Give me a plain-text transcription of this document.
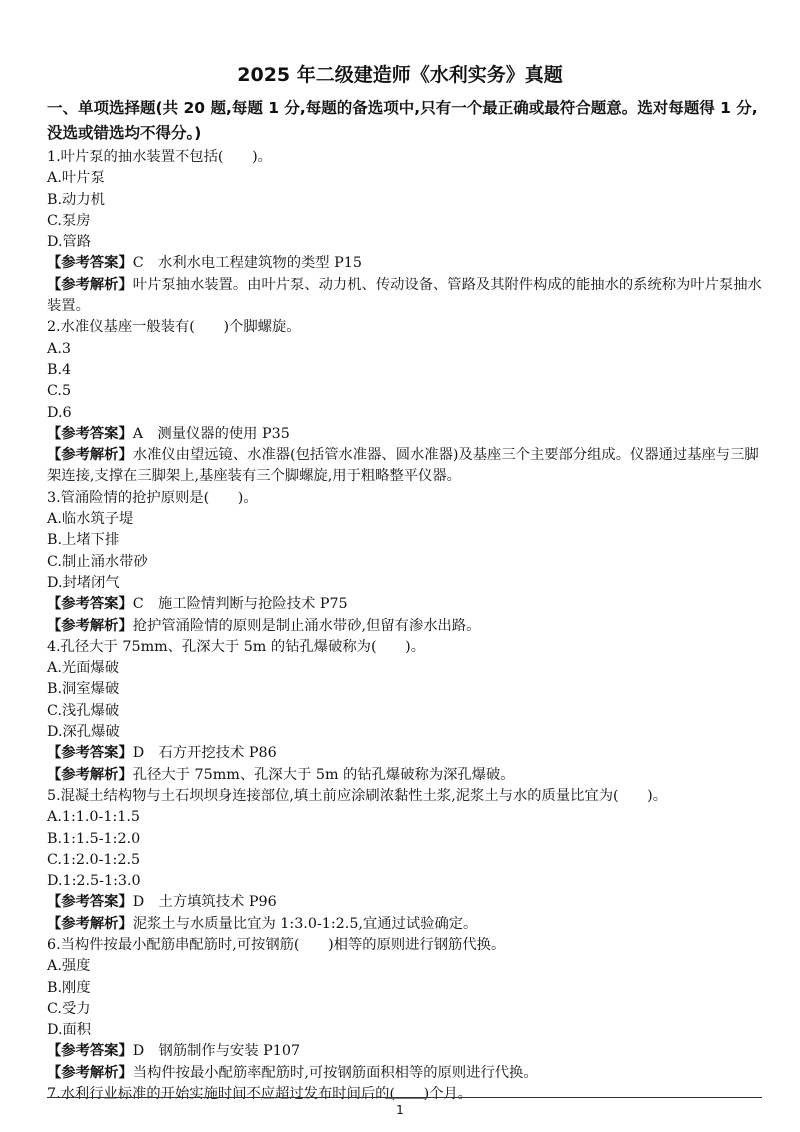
2025 年二级建造师《水利实务》真题
一、单项选择题(共 20 题,每题 1 分,每题的备选项中,只有一个最正确或最符合题意。选对每题得 1 分,没选或错选均不得分。)
1.叶片泵的抽水装置不包括(　　)。
A.叶片泵
B.动力机
C.泵房
D.管路
【参考答案】C　水利水电工程建筑物的类型 P15
【参考解析】叶片泵抽水装置。由叶片泵、动力机、传动设备、管路及其附件构成的能抽水的系统称为叶片泵抽水装置。
2.水准仪基座一般装有(　　)个脚螺旋。
A.3
B.4
C.5
D.6
【参考答案】A　测量仪器的使用 P35
【参考解析】水准仪由望远镜、水准器(包括管水准器、圆水准器)及基座三个主要部分组成。仪器通过基座与三脚架连接,支撑在三脚架上,基座装有三个脚螺旋,用于粗略整平仪器。
3.管涌险情的抢护原则是(　　)。
A.临水筑子堤
B.上堵下排
C.制止涌水带砂
D.封堵闭气
【参考答案】C　施工险情判断与抢险技术 P75
【参考解析】抢护管涌险情的原则是制止涌水带砂,但留有渗水出路。
4.孔径大于 75mm、孔深大于 5m 的钻孔爆破称为(　　)。
A.光面爆破
B.洞室爆破
C.浅孔爆破
D.深孔爆破
【参考答案】D　石方开挖技术 P86
【参考解析】孔径大于 75mm、孔深大于 5m 的钻孔爆破称为深孔爆破。
5.混凝土结构物与土石坝坝身连接部位,填土前应涂刷浓黏性土浆,泥浆土与水的质量比宜为(　　)。
A.1:1.0-1:1.5
B.1:1.5-1:2.0
C.1:2.0-1:2.5
D.1:2.5-1:3.0
【参考答案】D　土方填筑技术 P96
【参考解析】泥浆土与水质量比宜为 1:3.0-1:2.5,宜通过试验确定。
6.当构件按最小配筋串配筋时,可按钢筋(　　)相等的原则进行钢筋代换。
A.强度
B.刚度
C.受力
D.面积
【参考答案】D　钢筋制作与安装 P107
【参考解析】当构件按最小配筋率配筋时,可按钢筋面积相等的原则进行代换。
7.水利行业标准的开始实施时间不应超过发布时间后的(　　)个月。
1
